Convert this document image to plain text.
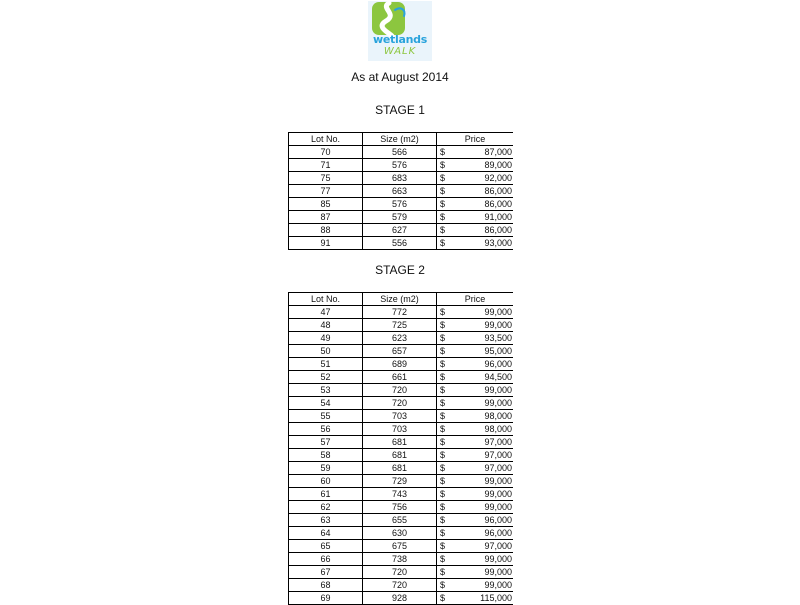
wetlands
WALK
As at August 2014
STAGE 1
Lot No.	Size (m2)	Price	
70	566	$	87,000
71	576	$	89,000
75	683	$	92,000
77	663	$	86,000
85	576	$	86,000
87	579	$	91,000
88	627	$	86,000
91	556	$	93,000
STAGE 2
Lot No.	Size (m2)	Price	
47	772	$	99,000
48	725	$	99,000
49	623	$	93,500
50	657	$	95,000
51	689	$	96,000
52	661	$	94,500
53	720	$	99,000
54	720	$	99,000
55	703	$	98,000
56	703	$	98,000
57	681	$	97,000
58	681	$	97,000
59	681	$	97,000
60	729	$	99,000
61	743	$	99,000
62	756	$	99,000
63	655	$	96,000
64	630	$	96,000
65	675	$	97,000
66	738	$	99,000
67	720	$	99,000
68	720	$	99,000
69	928	$	115,000
